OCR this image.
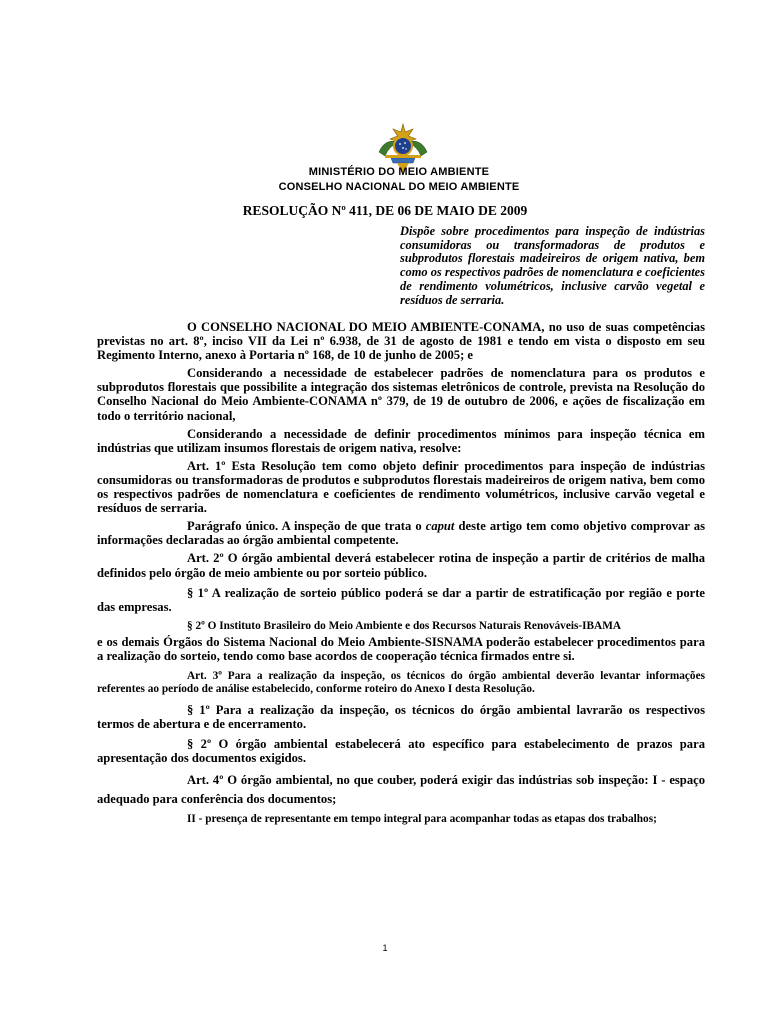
MINISTÉRIO DO MEIO AMBIENTE
CONSELHO NACIONAL DO MEIO AMBIENTE
RESOLUÇÃO Nº 411, DE 06 DE MAIO DE 2009
Dispõe sobre procedimentos para inspeção de indústrias consumidoras ou transformadoras de produtos e subprodutos florestais madeireiros de origem nativa, bem como os respectivos padrões de nomenclatura e coeficientes de rendimento volumétricos, inclusive carvão vegetal e resíduos de serraria.

O CONSELHO NACIONAL DO MEIO AMBIENTE-CONAMA, no uso de suas competências previstas no art. 8º, inciso VII da Lei nº 6.938, de 31 de agosto de 1981 e tendo em vista o disposto em seu Regimento Interno, anexo à Portaria nº 168, de 10 de junho de 2005; e

Considerando a necessidade de estabelecer padrões de nomenclatura para os produtos e subprodutos florestais que possibilite a integração dos sistemas eletrônicos de controle, prevista na Resolução do Conselho Nacional do Meio Ambiente-CONAMA nº 379, de 19 de outubro de 2006, e ações de fiscalização em todo o território nacional,

Considerando a necessidade de definir procedimentos mínimos para inspeção técnica em indústrias que utilizam insumos florestais de origem nativa, resolve:

Art. 1º Esta Resolução tem como objeto definir procedimentos para inspeção de indústrias consumidoras ou transformadoras de produtos e subprodutos florestais madeireiros de origem nativa, bem como os respectivos padrões de nomenclatura e coeficientes de rendimento volumétricos, inclusive carvão vegetal e resíduos de serraria.

Parágrafo único. A inspeção de que trata o caput deste artigo tem como objetivo comprovar as informações declaradas ao órgão ambiental competente.

Art. 2º O órgão ambiental deverá estabelecer rotina de inspeção a partir de critérios de malha definidos pelo órgão de meio ambiente ou por sorteio público.

§ 1º A realização de sorteio público poderá se dar a partir de estratificação por região e porte das empresas.

§ 2º O Instituto Brasileiro do Meio Ambiente e dos Recursos Naturais Renováveis-IBAMA

e os demais Órgãos do Sistema Nacional do Meio Ambiente-SISNAMA poderão estabelecer procedimentos para a realização do sorteio, tendo como base acordos de cooperação técnica firmados entre si.

Art. 3º Para a realização da inspeção, os técnicos do órgão ambiental deverão levantar informações referentes ao período de análise estabelecido, conforme roteiro do Anexo I desta Resolução.

§ 1º Para a realização da inspeção, os técnicos do órgão ambiental lavrarão os respectivos termos de abertura e de encerramento.

§ 2º O órgão ambiental estabelecerá ato específico para estabelecimento de prazos para apresentação dos documentos exigidos.

Art. 4º O órgão ambiental, no que couber, poderá exigir das indústrias sob inspeção: I - espaço adequado para conferência dos documentos;

II - presença de representante em tempo integral para acompanhar todas as etapas dos trabalhos;

1
